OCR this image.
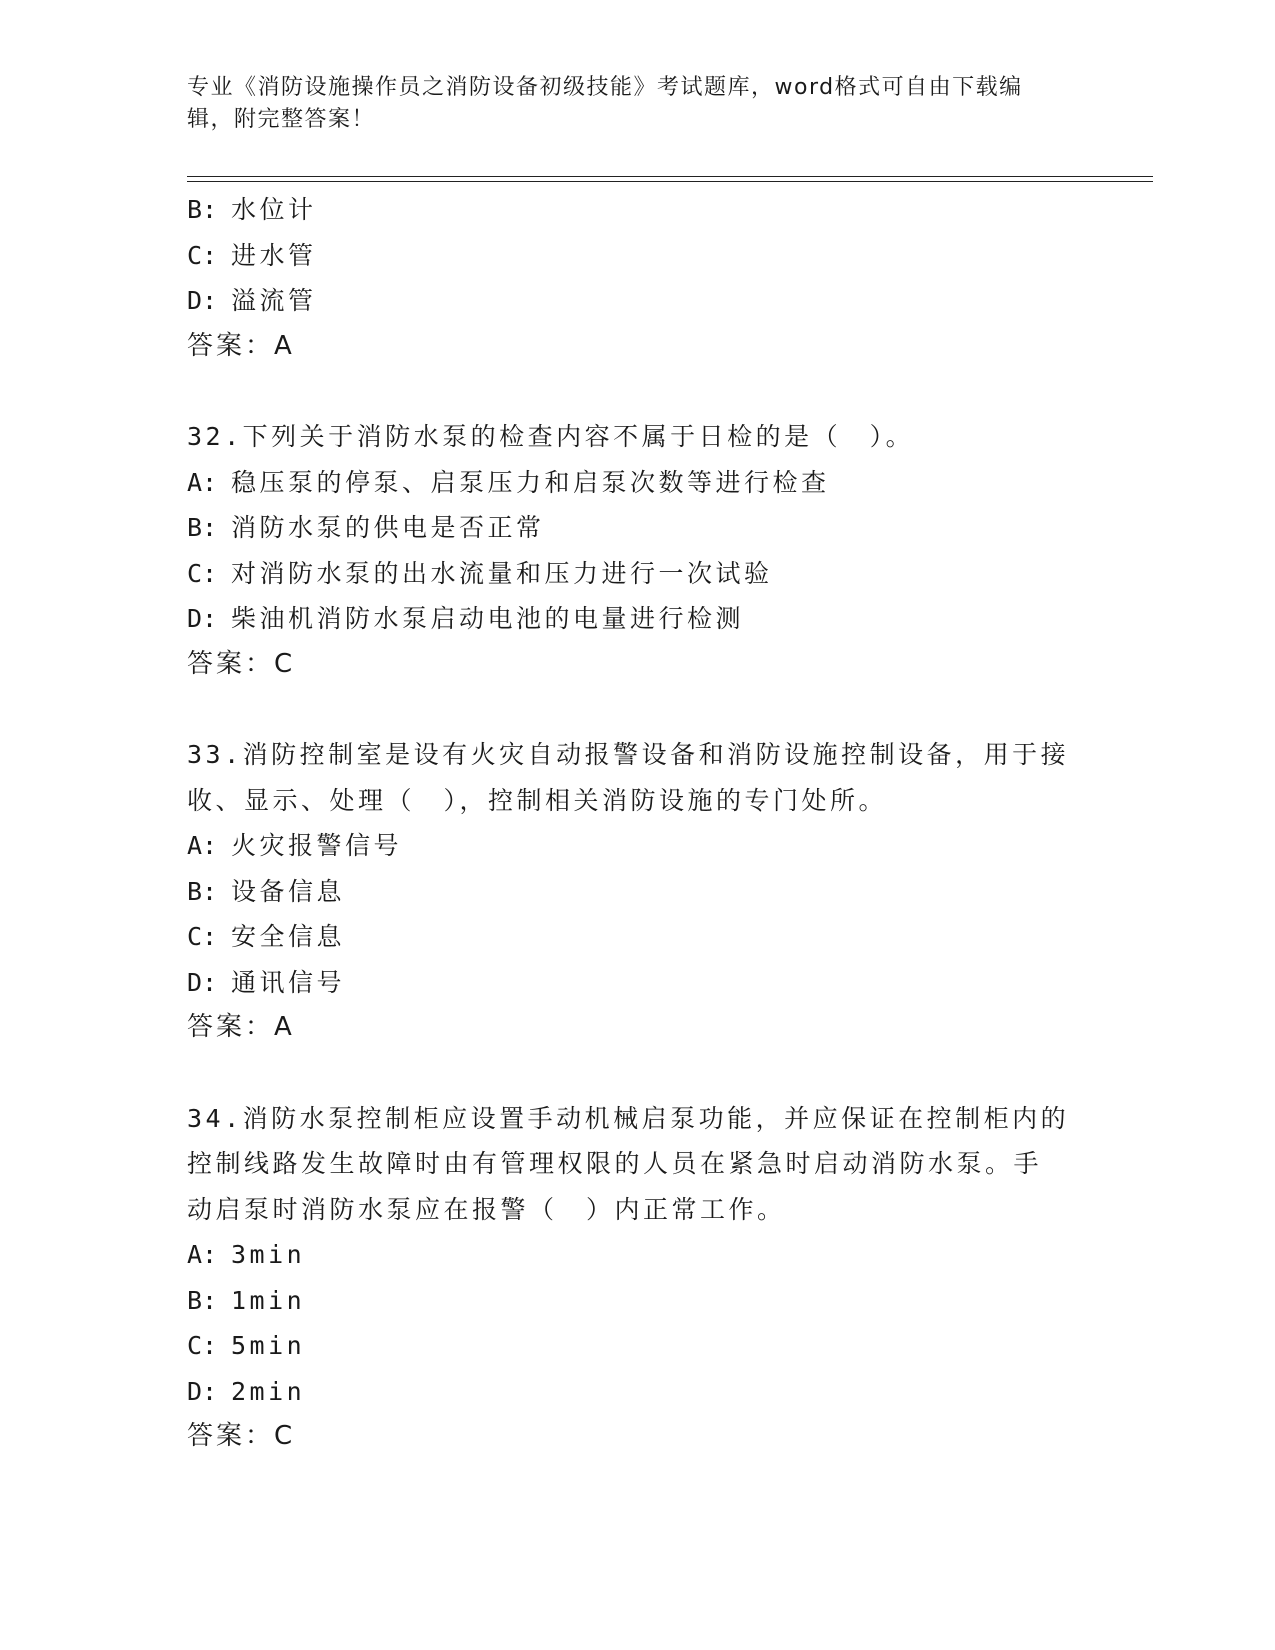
专业《消防设施操作员之消防设备初级技能》考试题库，word格式可自由下载编
辑，附完整答案！
B: 水位计
C: 进水管
D: 溢流管
答案：A
32.下列关于消防水泵的检查内容不属于日检的是（　）。
A: 稳压泵的停泵、启泵压力和启泵次数等进行检查
B: 消防水泵的供电是否正常
C: 对消防水泵的出水流量和压力进行一次试验
D: 柴油机消防水泵启动电池的电量进行检测
答案：C
33.消防控制室是设有火灾自动报警设备和消防设施控制设备，用于接
收、显示、处理（　），控制相关消防设施的专门处所。
A: 火灾报警信号
B: 设备信息
C: 安全信息
D: 通讯信号
答案：A
34.消防水泵控制柜应设置手动机械启泵功能，并应保证在控制柜内的
控制线路发生故障时由有管理权限的人员在紧急时启动消防水泵。手
动启泵时消防水泵应在报警（　）内正常工作。
A: 3min
B: 1min
C: 5min
D: 2min
答案：C
